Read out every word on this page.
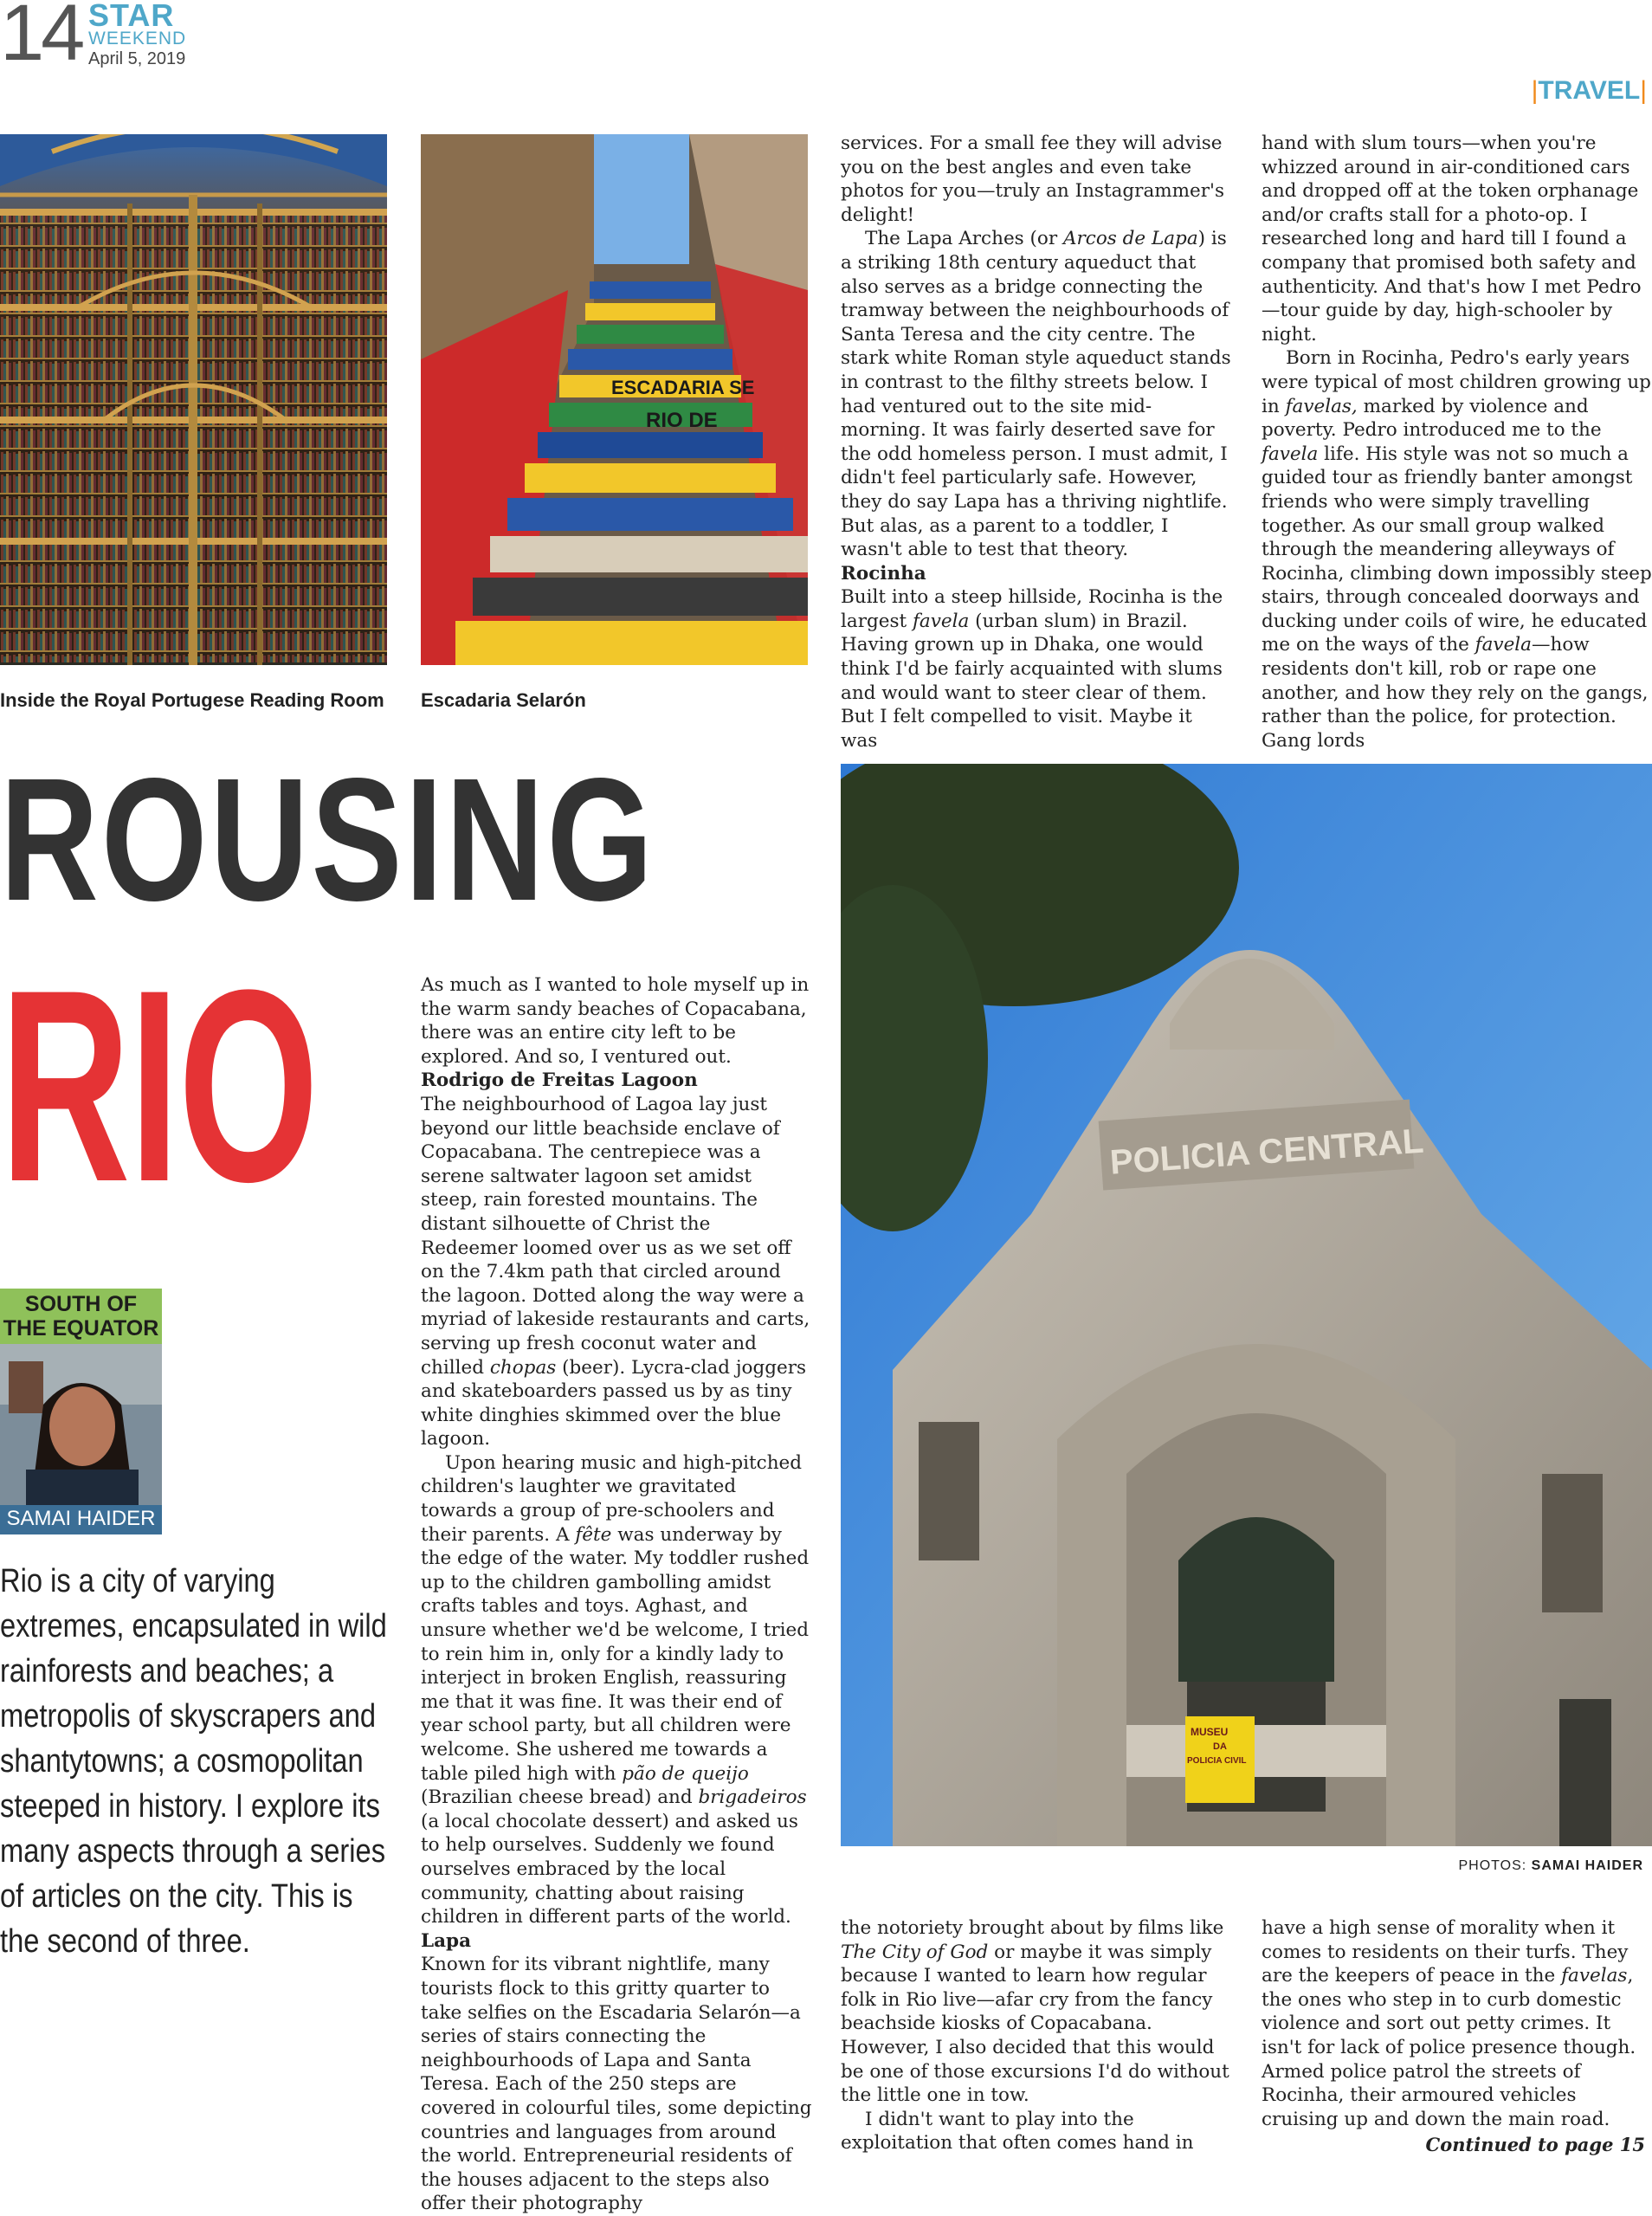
14 STAR
WEEKEND
April 5, 2019
|TRAVEL|
Inside the Royal Portugese Reading Room
ESCADARIA SE
RIO DE
Escadaria Selarón
ROUSING
RIO
SOUTH OF
THE EQUATOR
SAMAI HAIDER
Rio is a city of varying extremes, encapsulated in wild rainforests and beaches; a metropolis of skyscrapers and shantytowns; a cosmopolitan steeped in history. I explore its many aspects through a series of articles on the city. This is the second of three.

As much as I wanted to hole myself up in the warm sandy beaches of Copacabana, there was an entire city left to be explored. And so, I ventured out.

Rodrigo de Freitas Lagoon

The neighbourhood of Lagoa lay just beyond our little beachside enclave of Copacabana. The centrepiece was a serene saltwater lagoon set amidst steep, rain forested mountains. The distant silhouette of Christ the Redeemer loomed over us as we set off on the 7.4km path that circled around the lagoon. Dotted along the way were a myriad of lakeside restaurants and carts, serving up fresh coconut water and chilled chopas (beer). Lycra-clad joggers and skateboarders passed us by as tiny white dinghies skimmed over the blue lagoon.

Upon hearing music and high-pitched children's laughter we gravitated towards a group of pre-schoolers and their parents. A fête was underway by the edge of the water. My toddler rushed up to the children gambolling amidst crafts tables and toys. Aghast, and unsure whether we'd be welcome, I tried to rein him in, only for a kindly lady to interject in broken English, reassuring me that it was fine. It was their end of year school party, but all children were welcome. She ushered me towards a table piled high with pão de queijo (Brazilian cheese bread) and brigadeiros (a local chocolate dessert) and asked us to help ourselves. Suddenly we found ourselves embraced by the local community, chatting about raising children in different parts of the world.

Lapa

Known for its vibrant nightlife, many tourists flock to this gritty quarter to take selfies on the Escadaria Selarón—a series of stairs connecting the neighbourhoods of Lapa and Santa Teresa. Each of the 250 steps are covered in colourful tiles, some depicting countries and languages from around the world. Entrepreneurial residents of the houses adjacent to the steps also offer their photography

services. For a small fee they will advise you on the best angles and even take photos for you—truly an Instagrammer's delight!

The Lapa Arches (or Arcos de Lapa) is a striking 18th century aqueduct that also serves as a bridge connecting the tramway between the neighbourhoods of Santa Teresa and the city centre. The stark white Roman style aqueduct stands in contrast to the filthy streets below. I had ventured out to the site mid-morning. It was fairly deserted save for the odd homeless person. I must admit, I didn't feel particularly safe. However, they do say Lapa has a thriving nightlife. But alas, as a parent to a toddler, I wasn't able to test that theory.

Rocinha

Built into a steep hillside, Rocinha is the largest favela (urban slum) in Brazil. Having grown up in Dhaka, one would think I'd be fairly acquainted with slums and would want to steer clear of them. But I felt compelled to visit. Maybe it was

hand with slum tours—when you're whizzed around in air-conditioned cars and dropped off at the token orphanage and/or crafts stall for a photo-op. I researched long and hard till I found a company that promised both safety and authenticity. And that's how I met Pedro—tour guide by day, high-schooler by night.

Born in Rocinha, Pedro's early years were typical of most children growing up in favelas, marked by violence and poverty. Pedro introduced me to the favela life. His style was not so much a guided tour as friendly banter amongst friends who were simply travelling together. As our small group walked through the meandering alleyways of Rocinha, climbing down impossibly steep stairs, through concealed doorways and ducking under coils of wire, he educated me on the ways of the favela—how residents don't kill, rob or rape one another, and how they rely on the gangs, rather than the police, for protection. Gang lords

POLICIA CENTRAL
MUSEU
DA
POLICIA CIVIL
PHOTOS: SAMAI HAIDER

the notoriety brought about by films like The City of God or maybe it was simply because I wanted to learn how regular folk in Rio live—afar cry from the fancy beachside kiosks of Copacabana. However, I also decided that this would be one of those excursions I'd do without the little one in tow.

I didn't want to play into the exploitation that often comes hand in

have a high sense of morality when it comes to residents on their turfs. They are the keepers of peace in the favelas, the ones who step in to curb domestic violence and sort out petty crimes. It isn't for lack of police presence though. Armed police patrol the streets of Rocinha, their armoured vehicles cruising up and down the main road.

Continued to page 15
